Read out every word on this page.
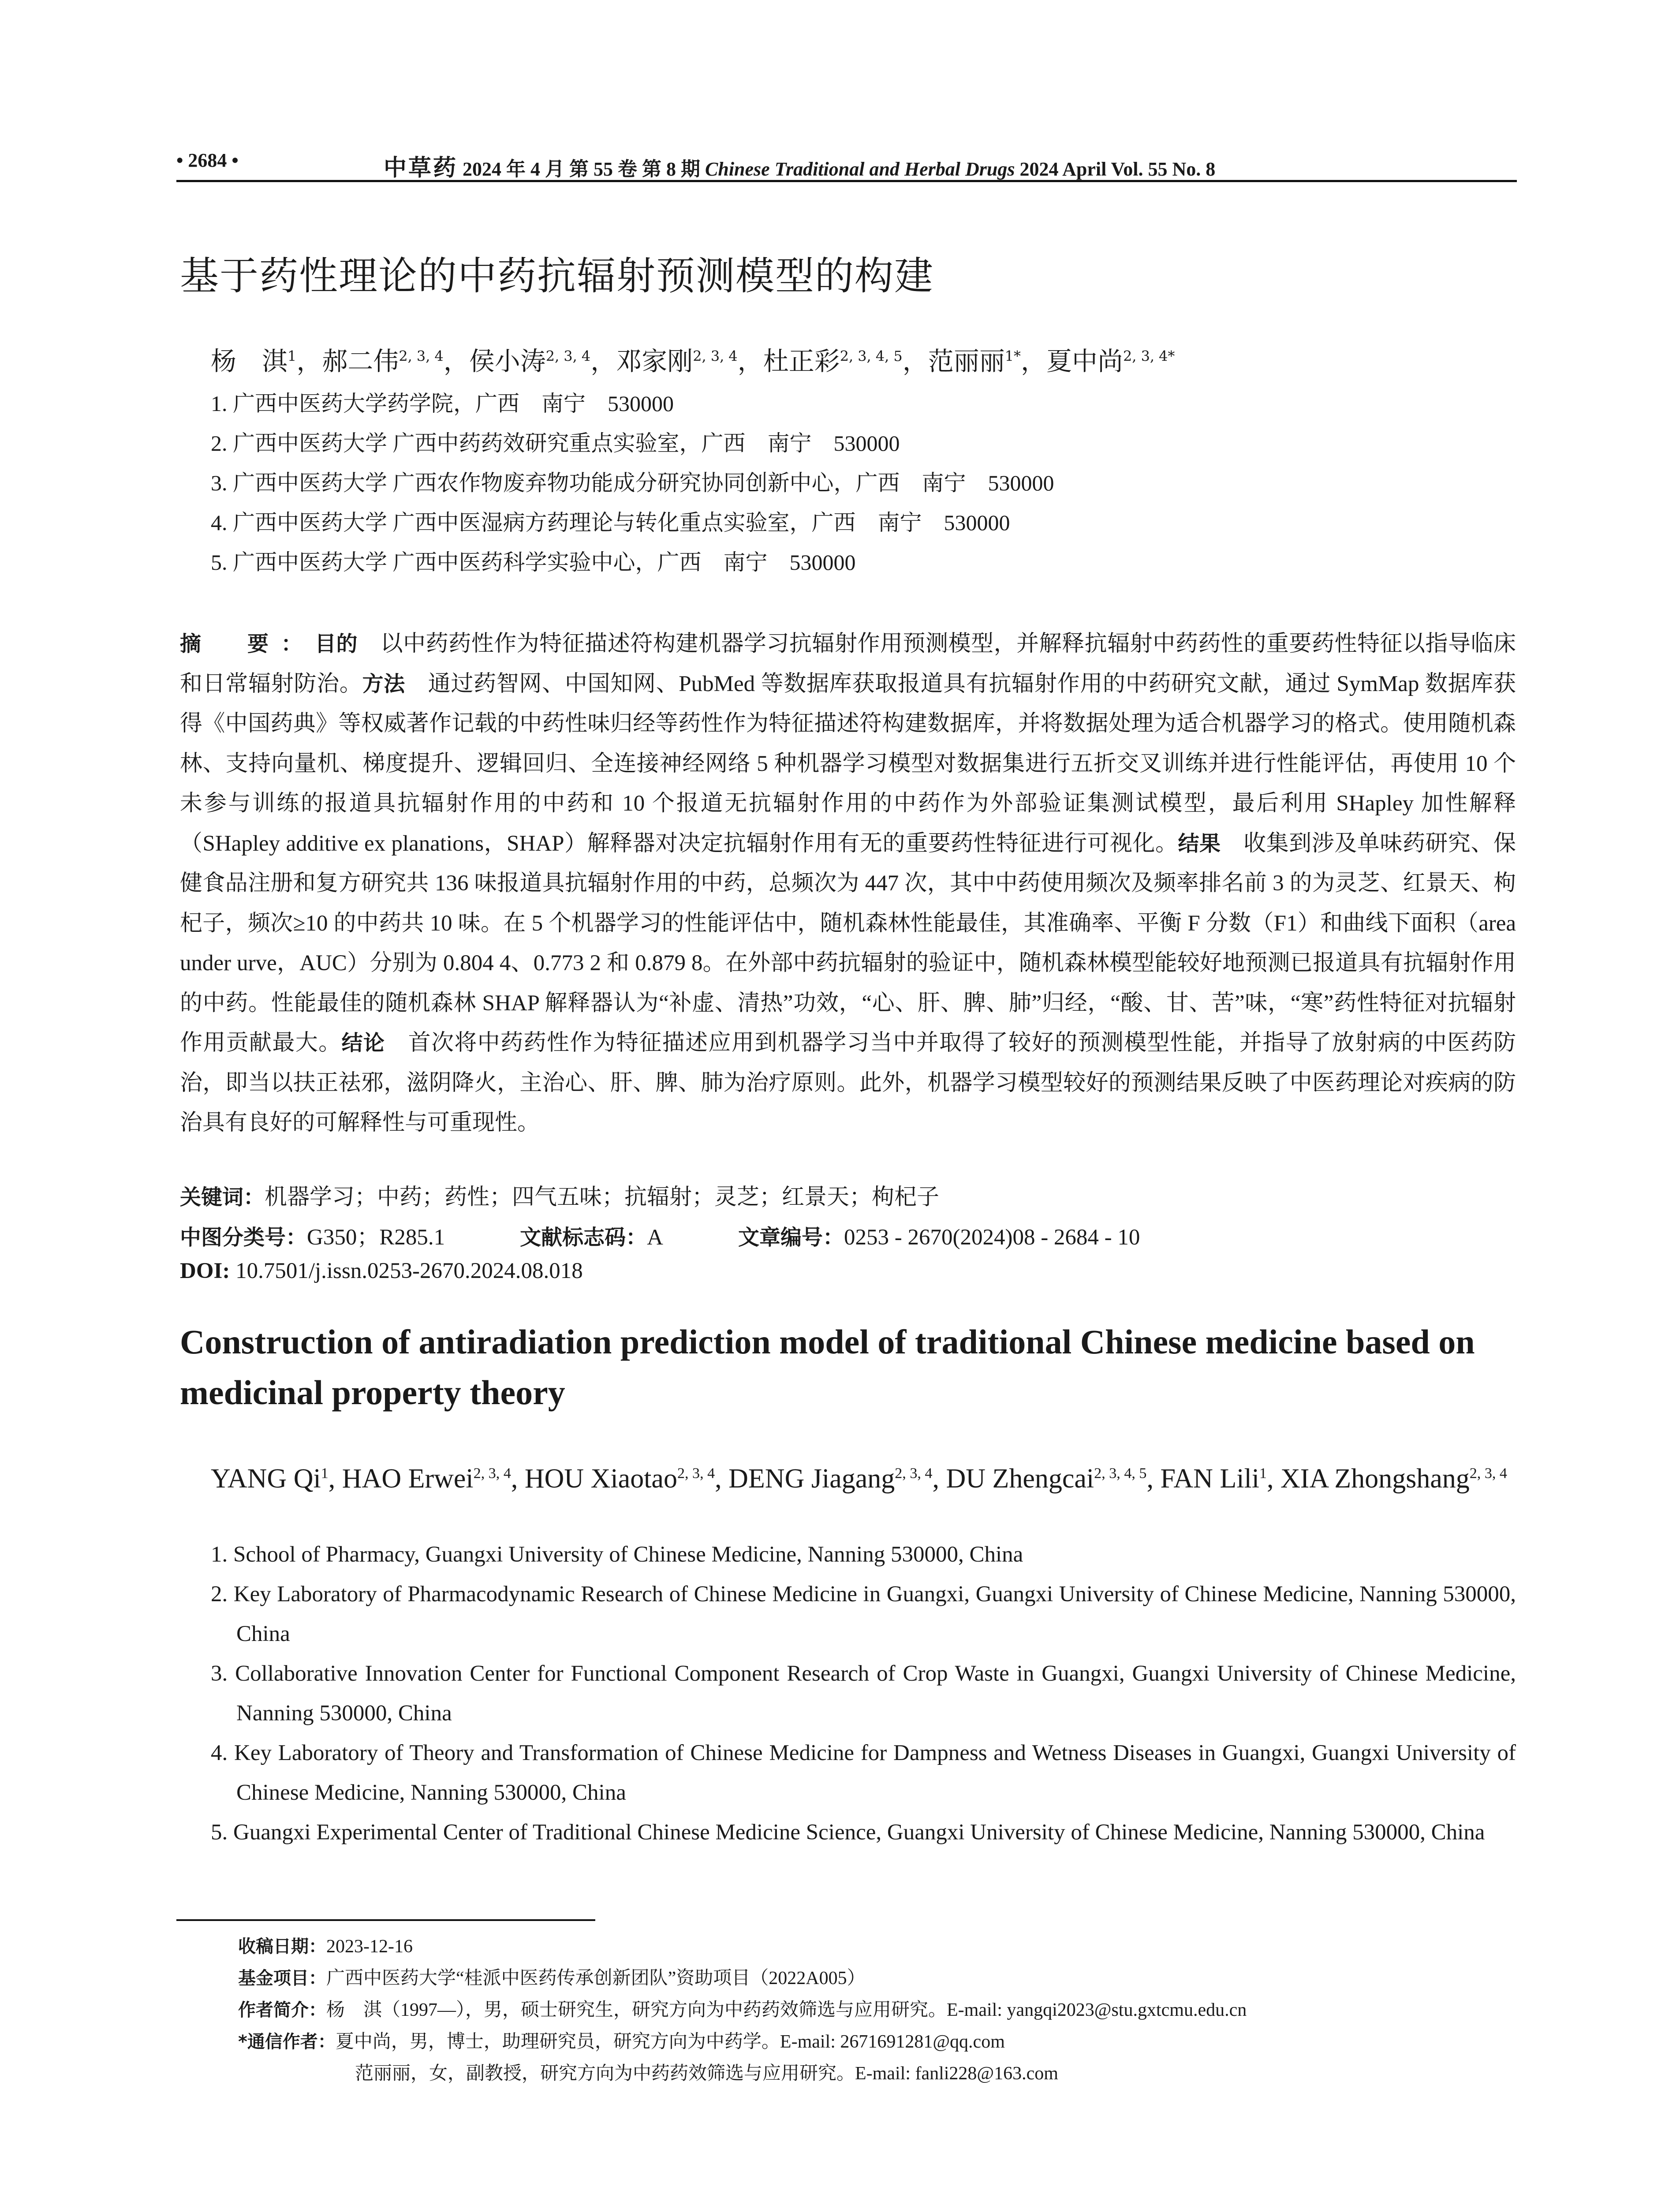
• 2684 •	中草药 2024 年 4 月 第 55 卷 第 8 期 Chinese Traditional and Herbal Drugs 2024 April Vol. 55 No. 8
基于药性理论的中药抗辐射预测模型的构建
杨　淇$^1$，郝二伟$^{2, 3, 4}$，侯小涛$^{2, 3, 4}$，邓家刚$^{2, 3, 4}$，杜正彩$^{2, 3, 4, 5}$，范丽丽$^{1*}$，夏中尚$^{2, 3, 4*}$
1. 广西中医药大学药学院，广西　南宁　530000
2. 广西中医药大学 广西中药药效研究重点实验室，广西　南宁　530000
3. 广西中医药大学 广西农作物废弃物功能成分研究协同创新中心，广西　南宁　530000
4. 广西中医药大学 广西中医湿病方药理论与转化重点实验室，广西　南宁　530000
5. 广西中医药大学 广西中医药科学实验中心，广西　南宁　530000
摘　要：目的　以中药药性作为特征描述符构建机器学习抗辐射作用预测模型，并解释抗辐射中药药性的重要药性特征以指导临床和日常辐射防治。方法　通过药智网、中国知网、PubMed 等数据库获取报道具有抗辐射作用的中药研究文献，通过 SymMap 数据库获得《中国药典》等权威著作记载的中药性味归经等药性作为特征描述符构建数据库，并将数据处理为适合机器学习的格式。使用随机森林、支持向量机、梯度提升、逻辑回归、全连接神经网络 5 种机器学习模型对数据集进行五折交叉训练并进行性能评估，再使用 10 个未参与训练的报道具抗辐射作用的中药和 10 个报道无抗辐射作用的中药作为外部验证集测试模型，最后利用 SHapley 加性解释（SHapley additive ex planations，SHAP）解释器对决定抗辐射作用有无的重要药性特征进行可视化。结果　收集到涉及单味药研究、保健食品注册和复方研究共 136 味报道具抗辐射作用的中药，总频次为 447 次，其中中药使用频次及频率排名前 3 的为灵芝、红景天、枸杞子，频次≥10 的中药共 10 味。在 5 个机器学习的性能评估中，随机森林性能最佳，其准确率、平衡 F 分数（F1）和曲线下面积（area under urve，AUC）分别为 0.804 4、0.773 2 和 0.879 8。在外部中药抗辐射的验证中，随机森林模型能较好地预测已报道具有抗辐射作用的中药。性能最佳的随机森林 SHAP 解释器认为“补虚、清热”功效，“心、肝、脾、肺”归经，“酸、甘、苦”味，“寒”药性特征对抗辐射作用贡献最大。结论　首次将中药药性作为特征描述应用到机器学习当中并取得了较好的预测模型性能，并指导了放射病的中医药防治，即当以扶正祛邪，滋阴降火，主治心、肝、脾、肺为治疗原则。此外，机器学习模型较好的预测结果反映了中医药理论对疾病的防治具有良好的可解释性与可重现性。
关键词：机器学习；中药；药性；四气五味；抗辐射；灵芝；红景天；枸杞子
中图分类号：G350；R285.1	文献标志码：A	文章编号：0253 - 2670(2024)08 - 2684 - 10
DOI: 10.7501/j.issn.0253-2670.2024.08.018
Construction of antiradiation prediction model of traditional Chinese medicine based on medicinal property theory
YANG Qi$^1$, HAO Erwei$^{2, 3, 4}$, HOU Xiaotao$^{2, 3, 4}$, DENG Jiagang$^{2, 3, 4}$, DU Zhengcai$^{2, 3, 4, 5}$, FAN Lili$^1$, XIA Zhongshang$^{2, 3, 4}$
1. School of Pharmacy, Guangxi University of Chinese Medicine, Nanning 530000, China
2. Key Laboratory of Pharmacodynamic Research of Chinese Medicine in Guangxi, Guangxi University of Chinese Medicine, Nanning 530000, China
3. Collaborative Innovation Center for Functional Component Research of Crop Waste in Guangxi, Guangxi University of Chinese Medicine, Nanning 530000, China
4. Key Laboratory of Theory and Transformation of Chinese Medicine for Dampness and Wetness Diseases in Guangxi, Guangxi University of Chinese Medicine, Nanning 530000, China
5. Guangxi Experimental Center of Traditional Chinese Medicine Science, Guangxi University of Chinese Medicine, Nanning 530000, China
收稿日期：2023-12-16
基金项目：广西中医药大学“桂派中医药传承创新团队”资助项目（2022A005）
作者简介：杨　淇（1997—），男，硕士研究生，研究方向为中药药效筛选与应用研究。E-mail: yangqi2023@stu.gxtcmu.edu.cn
*通信作者：夏中尚，男，博士，助理研究员，研究方向为中药学。E-mail: 2671691281@qq.com
范丽丽，女，副教授，研究方向为中药药效筛选与应用研究。E-mail: fanli228@163.com
